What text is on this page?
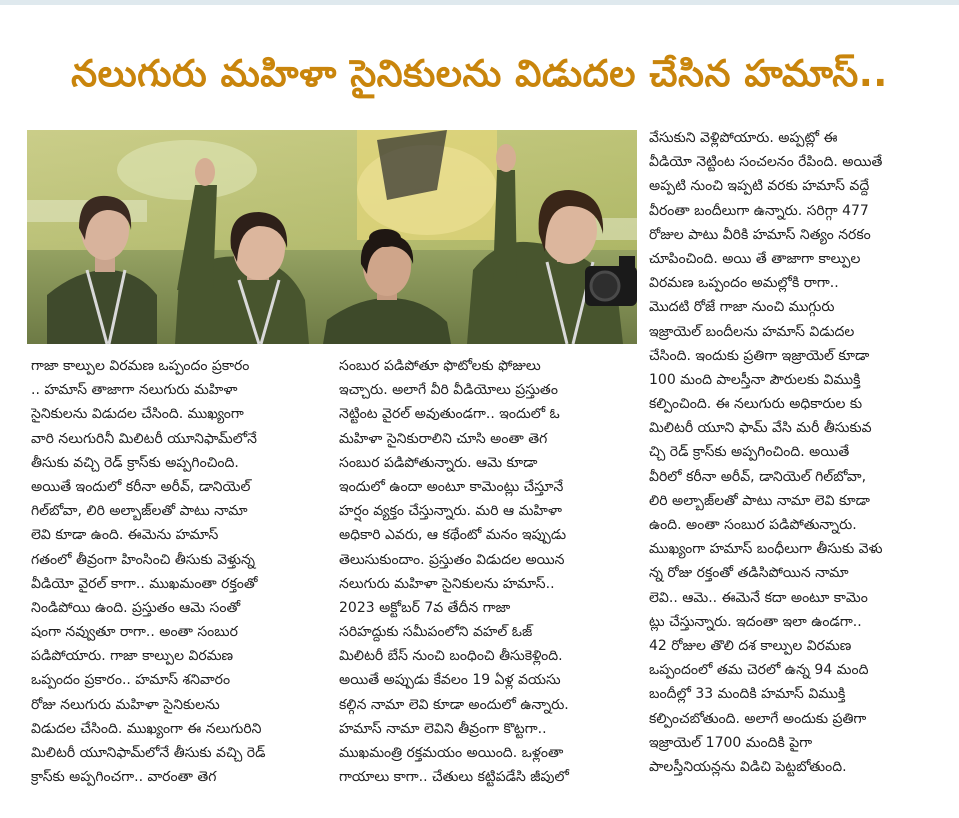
నలుగురు మహిళా సైనికులను విడుదల చేసిన హమాస్..
గాజా కాల్పుల విరమణ ఒప్పందం ప్రకారం
.. హమాస్ తాజాగా నలుగురు మహిళా
సైనికులను విడుదల చేసింది. ముఖ్యంగా
వారి నలుగురినీ మిలిటరీ యూనిఫామ్‌లోనే
తీసుకు వచ్చి రెడ్ క్రాస్‌కు అప్పగించింది.
అయితే ఇందులో కరీనా అరీవ్, డానియెల్
గిల్‌బోవా, లిరి అల్బాజ్‌లతో పాటు నామా
లెవి కూడా ఉంది. ఈమెను హమాస్
గతంలో తీవ్రంగా హింసించి తీసుకు వెళ్తున్న
వీడియో వైరల్ కాగా.. ముఖమంతా రక్తంతో
నిండిపోయి ఉంది. ప్రస్తుతం ఆమె సంతో
షంగా నవ్వుతూ రాగా.. అంతా సంబుర
పడిపోయారు. గాజా కాల్పుల విరమణ
ఒప్పందం ప్రకారం.. హమాస్ శనివారం
రోజు నలుగురు మహిళా సైనికులను
విడుదల చేసింది. ముఖ్యంగా ఈ నలుగురిని
మిలిటరీ యూనిఫామ్‌లోనే తీసుకు వచ్చి రెడ్
క్రాస్‌కు అప్పగించగా.. వారంతా తెగ
సంబుర పడిపోతూ ఫొటోలకు ఫోజులు
ఇచ్చారు. అలాగే వీరి వీడియోలు ప్రస్తుతం
నెట్టింట వైరల్ అవుతుండగా.. ఇందులో ఓ
మహిళా సైనికురాలిని చూసి అంతా తెగ
సంబుర పడిపోతున్నారు. ఆమె కూడా
ఇందులో ఉందా అంటూ కామెంట్లు చేస్తూనే
హర్షం వ్యక్తం చేస్తున్నారు. మరి ఆ మహిళా
అధికారి ఎవరు, ఆ కథేంటో మనం ఇప్పుడు
తెలుసుకుందాం. ప్రస్తుతం విడుదల అయిన
నలుగురు మహిళా సైనికులను హమాస్..
2023 అక్టోబర్ 7వ తేదీన గాజా
సరిహద్దుకు సమీపంలోని వహల్ ఓజ్
మిలిటరీ బేస్ నుంచి బంధించి తీసుకెళ్లింది.
అయితే అప్పుడు కేవలం 19 ఏళ్ల వయసు
కల్గిన నామా లెవి కూడా అందులో ఉన్నారు.
హమాస్ నామా లెవిని తీవ్రంగా కొట్టగా..
ముఖమంత్రి రక్తమయం అయింది. ఒళ్లంతా
గాయాలు కాగా.. చేతులు కట్టిపడేసి జీపులో
వేసుకుని వెళ్లిపోయారు. అప్పట్లో ఈ
వీడియో నెట్టింట సంచలనం రేపింది. అయితే
అప్పటి నుంచి ఇప్పటి వరకు హమాస్ వద్దే
వీరంతా బందీలుగా ఉన్నారు. సరిగ్గా 477
రోజుల పాటు వీరికి హమాస్ నిత్యం నరకం
చూపించింది. అయి తే తాజాగా కాల్పుల
విరమణ ఒప్పందం అమల్లోకి రాగా..
మొదటి రోజే గాజా నుంచి ముగ్గురు
ఇజ్రాయెల్ బందీలను హమాస్ విడుదల
చేసింది. ఇందుకు ప్రతిగా ఇజ్రాయెల్ కూడా
100 మంది పాలస్తీనా పౌరులకు విముక్తి
కల్పించింది. ఈ నలుగురు అధికారుల కు
మిలిటరీ యూని ఫామ్ వేసి మరీ తీసుకువ
చ్చి రెడ్ క్రాస్‌కు అప్పగించింది. అయితే
వీరిలో కరీనా అరీవ్, డానియెల్ గిల్‌బోవా,
లిరి అల్బాజ్‌లతో పాటు నామా లెవి కూడా
ఉంది. అంతా సంబుర పడిపోతున్నారు.
ముఖ్యంగా హమాస్ బంధీలుగా తీసుకు వెళు
న్న రోజు రక్తంతో తడిసిపోయిన నామా
లెవి.. ఆమె.. ఈమెనే కదా అంటూ కామెం
ట్లు చేస్తున్నారు. ఇదంతా ఇలా ఉండగా..
42 రోజుల తొలి దశ కాల్పుల విరమణ
ఒప్పందంలో తమ చెరలో ఉన్న 94 మంది
బందీల్లో 33 మందికి హమాస్ విముక్తి
కల్పించబోతుంది. అలాగే అందుకు ప్రతిగా
ఇజ్రాయెల్ 1700 మందికి పైగా
పాలస్తీనియన్లను విడిచి పెట్టబోతుంది.
